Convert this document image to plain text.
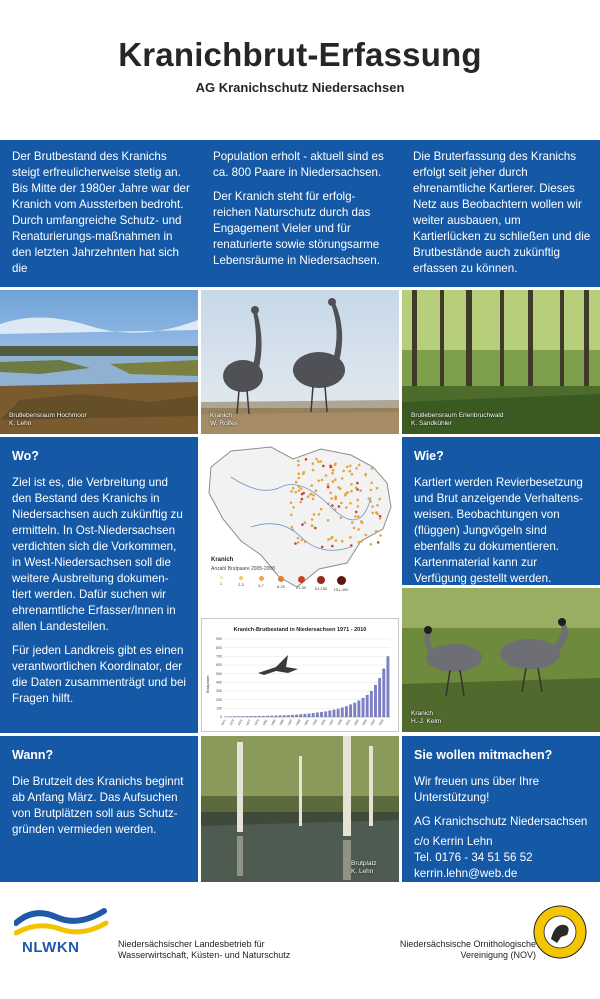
Kranichbrut-Erfassung
AG Kranichschutz Niedersachsen
Der Brutbestand des Kranichs steigt erfreulicherweise stetig an. Bis Mitte der 1980er Jahre war der Kranich vom Aussterben bedroht. Durch umfangreiche Schutz- und Renaturierungs-maßnahmen in den letzten Jahrzehnten hat sich die

Population erholt - aktuell sind es ca. 800 Paare in Niedersachsen.

Der Kranich steht für erfolg-reichen Naturschutz durch das Engagement Vieler und für renaturierte sowie störungsarme Lebensräume in Niedersachsen.

Die Bruterfassung des Kranichs erfolgt seit jeher durch ehrenamtliche Kartierer. Dieses Netz aus Beobachtern wollen wir weiter ausbauen, um Kartierlücken zu schließen und die Brutbestände auch zukünftig erfassen zu können.
Brutlebensraum Hochmoor
K. Lehn
Kranich
W. Rolfes
Brutlebensraum Erlenbruchwald
K. Sandkühler
Wo?

Ziel ist es, die Verbreitung und den Bestand des Kranichs in Niedersachsen auch zukünftig zu ermitteln. In Ost-Niedersachsen verdichten sich die Vorkommen, in West-Niedersachsen soll die weitere Ausbreitung dokumen-tiert werden. Dafür suchen wir ehrenamtliche Erfasser/Innen in allen Landesteilen.

Für jeden Landkreis gibt es einen verantwortlichen Koordinator, der die Daten zusammenträgt und bei Fragen hilft.

Kranich
Anzahl Brutpaare 2005-2008
1	2-3	4-7	8-20	21-50	51-150	151-400
Kranich-Brutbestand in Niedersachsen 1971 - 2010
0
100
200
300
400
500
600
700
800
900
1971 1973 1975 1977 1979 1981 1983 1985 1987 1989 1991 1993 1995 1997 1999 2001 2003 2005 2007 2009
Brutpaare
Wie?

Kartiert werden Revierbesetzung und Brut anzeigende Verhaltens-weisen. Beobachtungen von (flüggen) Jungvögeln sind ebenfalls zu dokumentieren. Kartenmaterial kann zur Verfügung gestellt werden.

Kranich
H.-J. Kelm
Wann?

Die Brutzeit des Kranichs beginnt ab Anfang März. Das Aufsuchen von Brutplätzen soll aus Schutz-gründen vermieden werden.

Brutplatz
K. Lehn
Sie wollen mitmachen?

Wir freuen uns über Ihre Unterstützung!

AG Kranichschutz Niedersachsen

c/o Kerrin Lehn
Tel. 0176 - 34 51 56 52
kerrin.lehn@web.de
NLWKN	Niedersächsischer Landesbetrieb für
Wasserwirtschaft, Küsten- und Naturschutz
Niedersächsische Ornithologische
Vereinigung (NOV)
